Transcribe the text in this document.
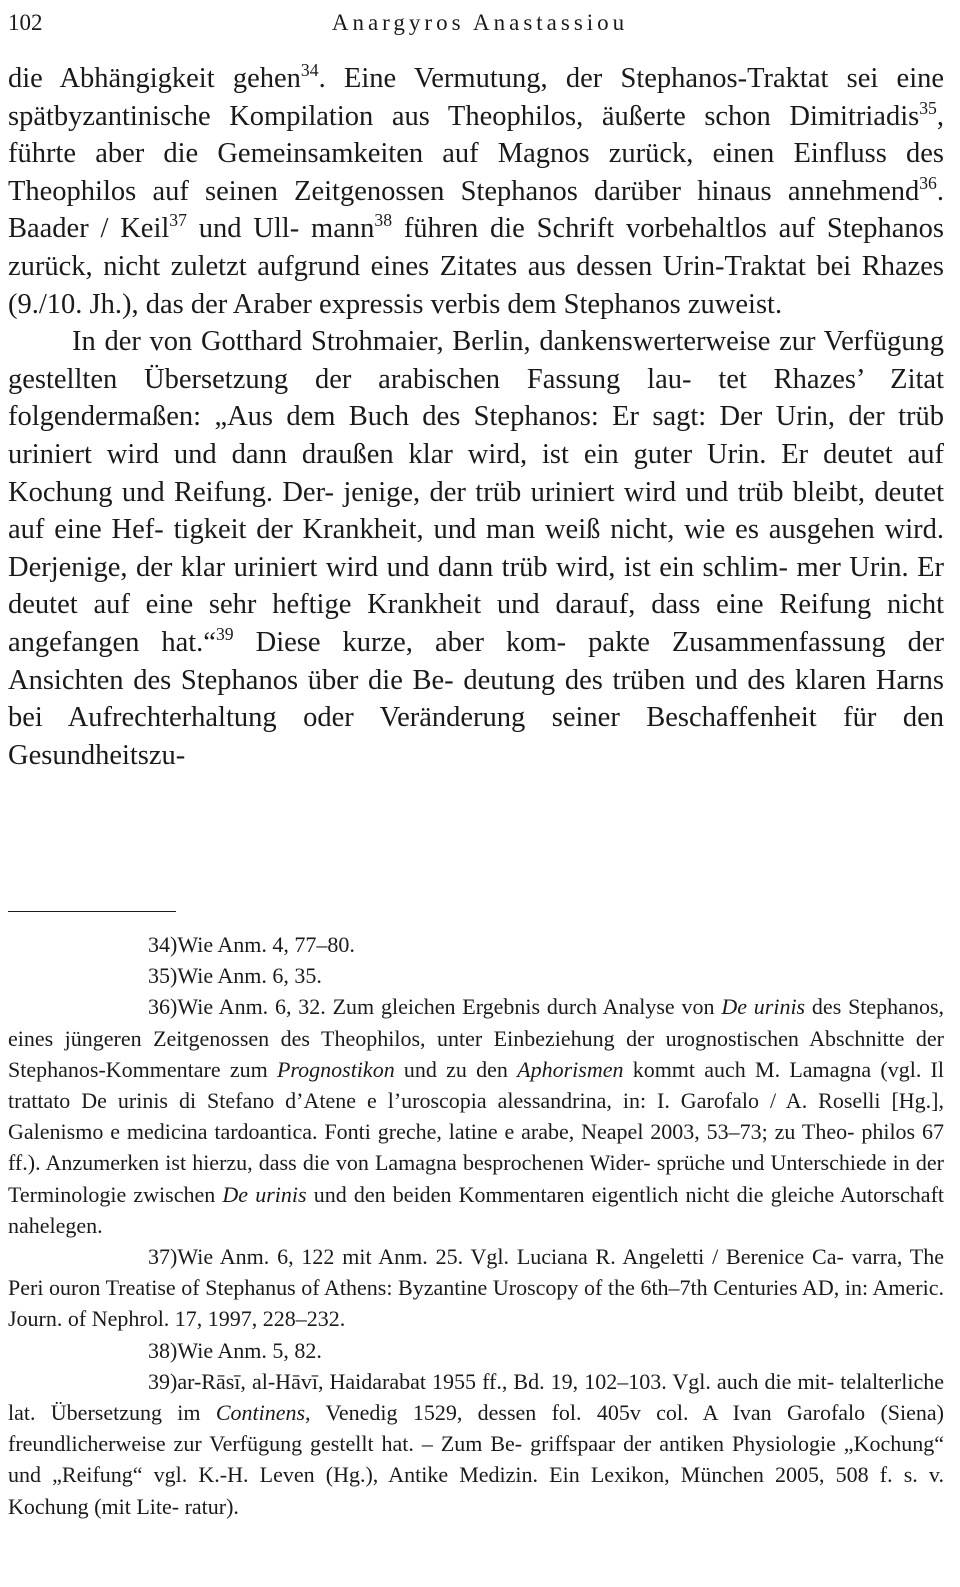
102	Anargyros Anastassiou

die Abhängigkeit gehen$^{34}$. Eine Vermutung, der Stephanos-Traktat sei eine spätbyzantinische Kompilation aus Theophilos, äußerte schon Dimitriadis$^{35}$, führte aber die Gemeinsamkeiten auf Magnos zurück, einen Einfluss des Theophilos auf seinen Zeitgenossen Stephanos darüber hinaus annehmend$^{36}$. Baader / Keil$^{37}$ und Ull- mann$^{38}$ führen die Schrift vorbehaltlos auf Stephanos zurück, nicht zuletzt aufgrund eines Zitates aus dessen Urin-Traktat bei Rhazes (9./10. Jh.), das der Araber expressis verbis dem Stephanos zuweist.

In der von Gotthard Strohmaier, Berlin, dankenswerterweise zur Verfügung gestellten Übersetzung der arabischen Fassung lau- tet Rhazes’ Zitat folgendermaßen: „Aus dem Buch des Stephanos: Er sagt: Der Urin, der trüb uriniert wird und dann draußen klar wird, ist ein guter Urin. Er deutet auf Kochung und Reifung. Der- jenige, der trüb uriniert wird und trüb bleibt, deutet auf eine Hef- tigkeit der Krankheit, und man weiß nicht, wie es ausgehen wird. Derjenige, der klar uriniert wird und dann trüb wird, ist ein schlim- mer Urin. Er deutet auf eine sehr heftige Krankheit und darauf, dass eine Reifung nicht angefangen hat.“$^{39}$ Diese kurze, aber kom- pakte Zusammenfassung der Ansichten des Stephanos über die Be- deutung des trüben und des klaren Harns bei Aufrechterhaltung oder Veränderung seiner Beschaffenheit für den Gesundheitszu-

34)Wie Anm. 4, 77–80.

35)Wie Anm. 6, 35.

36)Wie Anm. 6, 32. Zum gleichen Ergebnis durch Analyse von De urinis des Stephanos, eines jüngeren Zeitgenossen des Theophilos, unter Einbeziehung der urognostischen Abschnitte der Stephanos-Kommentare zum Prognostikon und zu den Aphorismen kommt auch M. Lamagna (vgl. Il trattato De urinis di Stefano d’Atene e l’uroscopia alessandrina, in: I. Garofalo / A. Roselli [Hg.], Galenismo e medicina tardoantica. Fonti greche, latine e arabe, Neapel 2003, 53–73; zu Theo- philos 67 ff.). Anzumerken ist hierzu, dass die von Lamagna besprochenen Wider- sprüche und Unterschiede in der Terminologie zwischen De urinis und den beiden Kommentaren eigentlich nicht die gleiche Autorschaft nahelegen.

37)Wie Anm. 6, 122 mit Anm. 25. Vgl. Luciana R. Angeletti / Berenice Ca- varra, The Peri ouron Treatise of Stephanus of Athens: Byzantine Uroscopy of the 6th–7th Centuries AD, in: Americ. Journ. of Nephrol. 17, 1997, 228–232.

38)Wie Anm. 5, 82.

39)ar-Rāsī, al-Hāvī, Haidarabat 1955 ff., Bd. 19, 102–103. Vgl. auch die mit- telalterliche lat. Übersetzung im Continens, Venedig 1529, dessen fol. 405v col. A Ivan Garofalo (Siena) freundlicherweise zur Verfügung gestellt hat. – Zum Be- griffspaar der antiken Physiologie „Kochung“ und „Reifung“ vgl. K.-H. Leven (Hg.), Antike Medizin. Ein Lexikon, München 2005, 508 f. s. v. Kochung (mit Lite- ratur).
